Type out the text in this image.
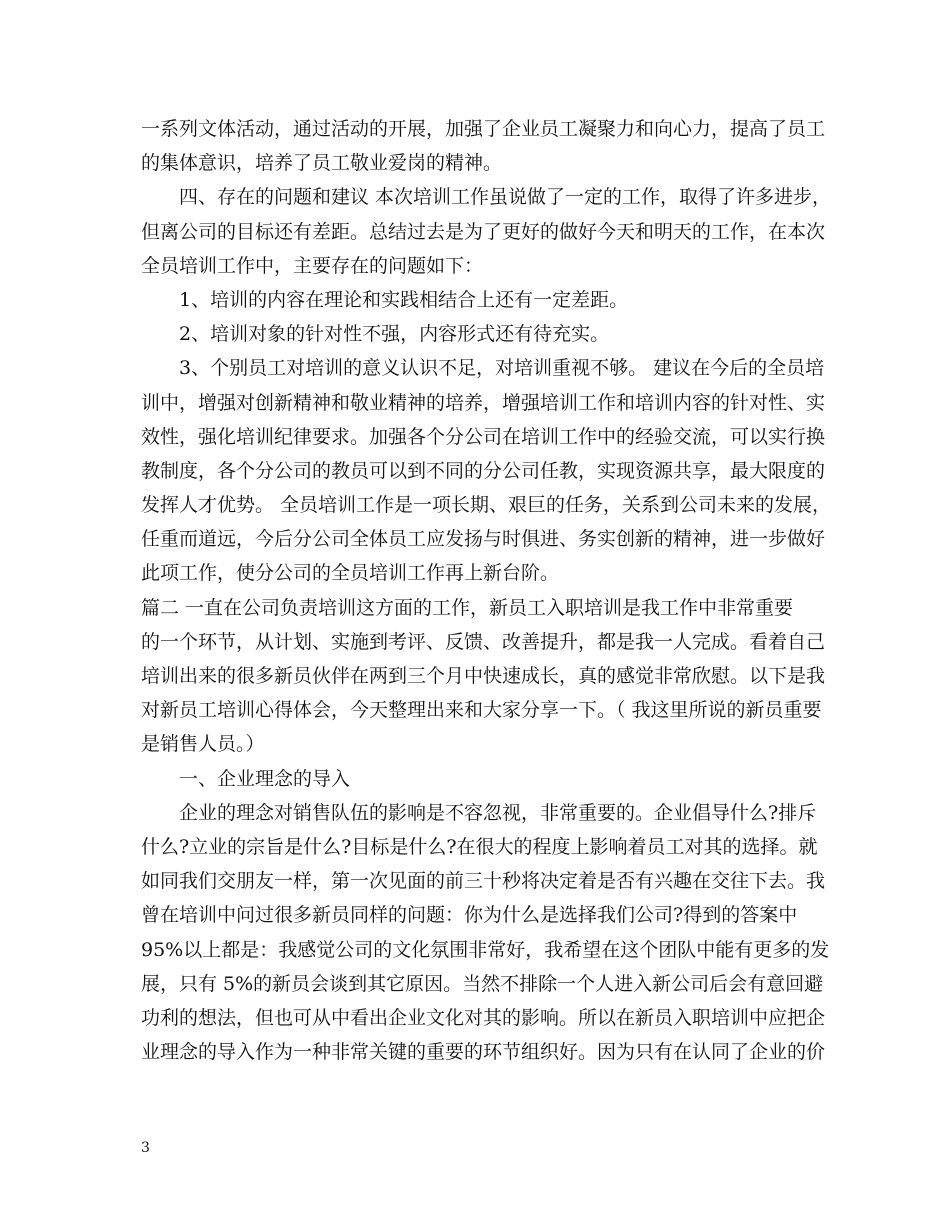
一系列文体活动，通过活动的开展，加强了企业员工凝聚力和向心力，提高了员工
的集体意识，培养了员工敬业爱岗的精神。
四、存在的问题和建议 本次培训工作虽说做了一定的工作，取得了许多进步，
但离公司的目标还有差距。总结过去是为了更好的做好今天和明天的工作，在本次
全员培训工作中，主要存在的问题如下：
1、培训的内容在理论和实践相结合上还有一定差距。
2、培训对象的针对性不强，内容形式还有待充实。
3、个别员工对培训的意义认识不足，对培训重视不够。 建议在今后的全员培
训中，增强对创新精神和敬业精神的培养，增强培训工作和培训内容的针对性、实
效性，强化培训纪律要求。加强各个分公司在培训工作中的经验交流，可以实行换
教制度，各个分公司的教员可以到不同的分公司任教，实现资源共享，最大限度的
发挥人才优势。 全员培训工作是一项长期、艰巨的任务，关系到公司未来的发展，
任重而道远，今后分公司全体员工应发扬与时俱进、务实创新的精神，进一步做好
此项工作，使分公司的全员培训工作再上新台阶。
篇二 一直在公司负责培训这方面的工作，新员工入职培训是我工作中非常重要
的一个环节，从计划、实施到考评、反馈、改善提升，都是我一人完成。看着自己
培训出来的很多新员伙伴在两到三个月中快速成长，真的感觉非常欣慰。以下是我
对新员工培训心得体会，今天整理出来和大家分享一下。（ 我这里所说的新员重要
是销售人员。）
一、企业理念的导入
企业的理念对销售队伍的影响是不容忽视，非常重要的。企业倡导什么?排斥
什么?立业的宗旨是什么?目标是什么?在很大的程度上影响着员工对其的选择。就
如同我们交朋友一样，第一次见面的前三十秒将决定着是否有兴趣在交往下去。我
曾在培训中问过很多新员同样的问题：你为什么是选择我们公司?得到的答案中
95%以上都是：我感觉公司的文化氛围非常好，我希望在这个团队中能有更多的发
展，只有 5%的新员会谈到其它原因。当然不排除一个人进入新公司后会有意回避
功利的想法，但也可从中看出企业文化对其的影响。所以在新员入职培训中应把企
业理念的导入作为一种非常关键的重要的环节组织好。因为只有在认同了企业的价
3
